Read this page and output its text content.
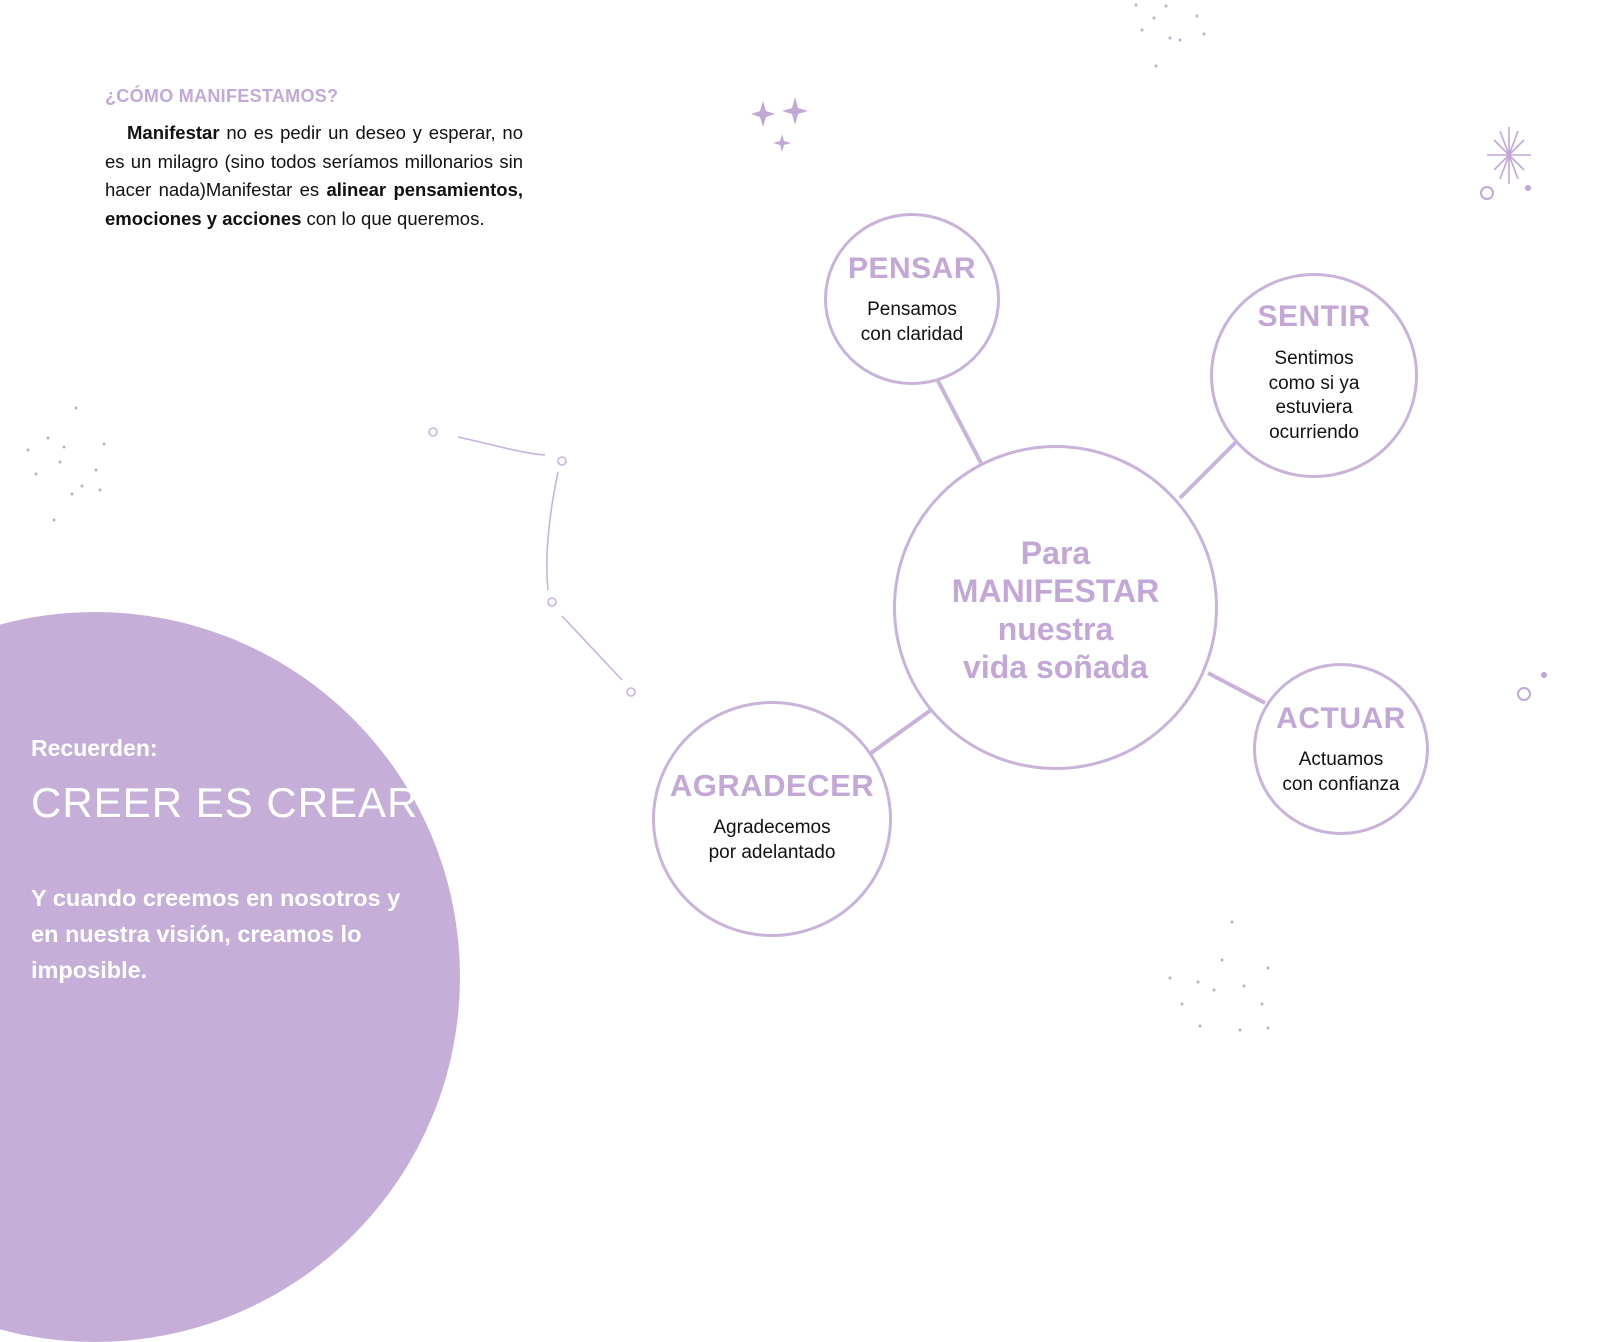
¿CÓMO MANIFESTAMOS?

Manifestar no es pedir un deseo y esperar, no es un milagro (sino todos seríamos millonarios sin hacer nada)Manifestar es alinear pensamientos, emociones y acciones con lo que queremos.

Recuerden:
CREER ES CREAR
Y cuando creemos en nosotros y en nuestra visión, creamos lo imposible.
Para
MANIFESTAR
nuestra
vida soñada
PENSAR
Pensamos
con claridad
SENTIR
Sentimos
como si ya
estuviera
ocurriendo
ACTUAR
Actuamos
con confianza
AGRADECER
Agradecemos
por adelantado
